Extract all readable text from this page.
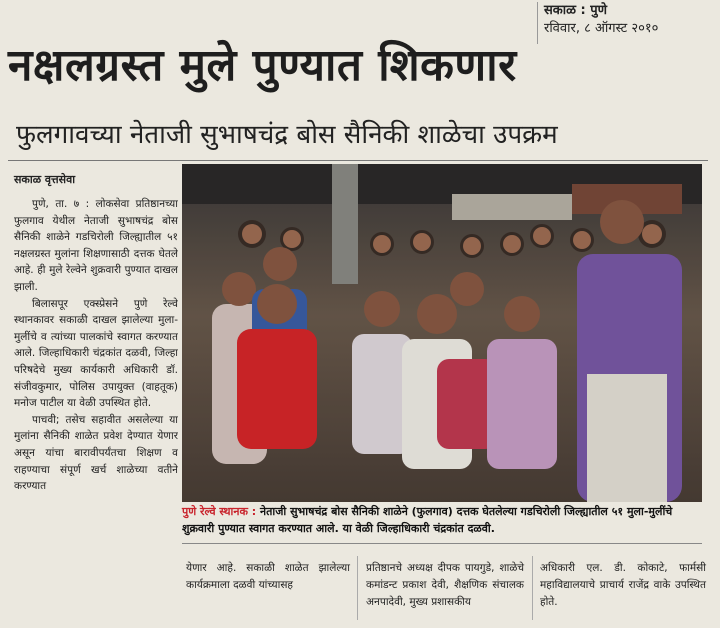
सकाळ : पुणे
रविवार, ८ ऑगस्ट २०१०
नक्षलग्रस्त मुले पुण्यात शिकणार
फुलगावच्या नेताजी सुभाषचंद्र बोस सैनिकी शाळेचा उपक्रम
सकाळ वृत्तसेवा

पुणे, ता. ७ : लोकसेवा प्रतिष्ठानच्या फुलगाव येथील नेताजी सुभाषचंद्र बोस सैनिकी शाळेने गडचिरोली जिल्ह्यातील ५१ नक्षलग्रस्त मुलांना शिक्षणासाठी दत्तक घेतले आहे. ही मुले रेल्वेने शुक्रवारी पुण्यात दाखल झाली.

बिलासपूर एक्स्प्रेसने पुणे रेल्वे स्थानकावर सकाळी दाखल झालेल्या मुला-मुलींचे व त्यांच्या पालकांचे स्वागत करण्यात आले. जिल्हाधिकारी चंद्रकांत दळवी, जिल्हा परिषदेचे मुख्य कार्यकारी अधिकारी डॉ. संजीवकुमार, पोलिस उपायुक्त (वाहतूक) मनोज पाटील या वेळी उपस्थित होते.

पाचवी; तसेच सहावीत असलेल्या या मुलांना सैनिकी शाळेत प्रवेश देण्यात येणार असून यांचा बारावीपर्यंतचा शिक्षण व राहण्याचा संपूर्ण खर्च शाळेच्या वतीने करण्यात

पुणे रेल्वे स्थानक : नेताजी सुभाषचंद्र बोस सैनिकी शाळेने (फुलगाव) दत्तक घेतलेल्या गडचिरोली जिल्ह्यातील ५१ मुला-मुलींचे शुक्रवारी पुण्यात स्वागत करण्यात आले. या वेळी जिल्हाधिकारी चंद्रकांत दळवी.
येणार आहे. सकाळी शाळेत झालेल्या कार्यक्रमाला दळवी यांच्यासह
प्रतिष्ठानचे अध्यक्ष दीपक पायगुडे, शाळेचे कमांडन्ट प्रकाश देवी, शैक्षणिक संचालक अनपादेवी, मुख्य प्रशासकीय
अधिकारी एल. डी. कोकाटे, फार्मसी महाविद्यालयाचे प्राचार्य राजेंद्र वाके उपस्थित होते.
